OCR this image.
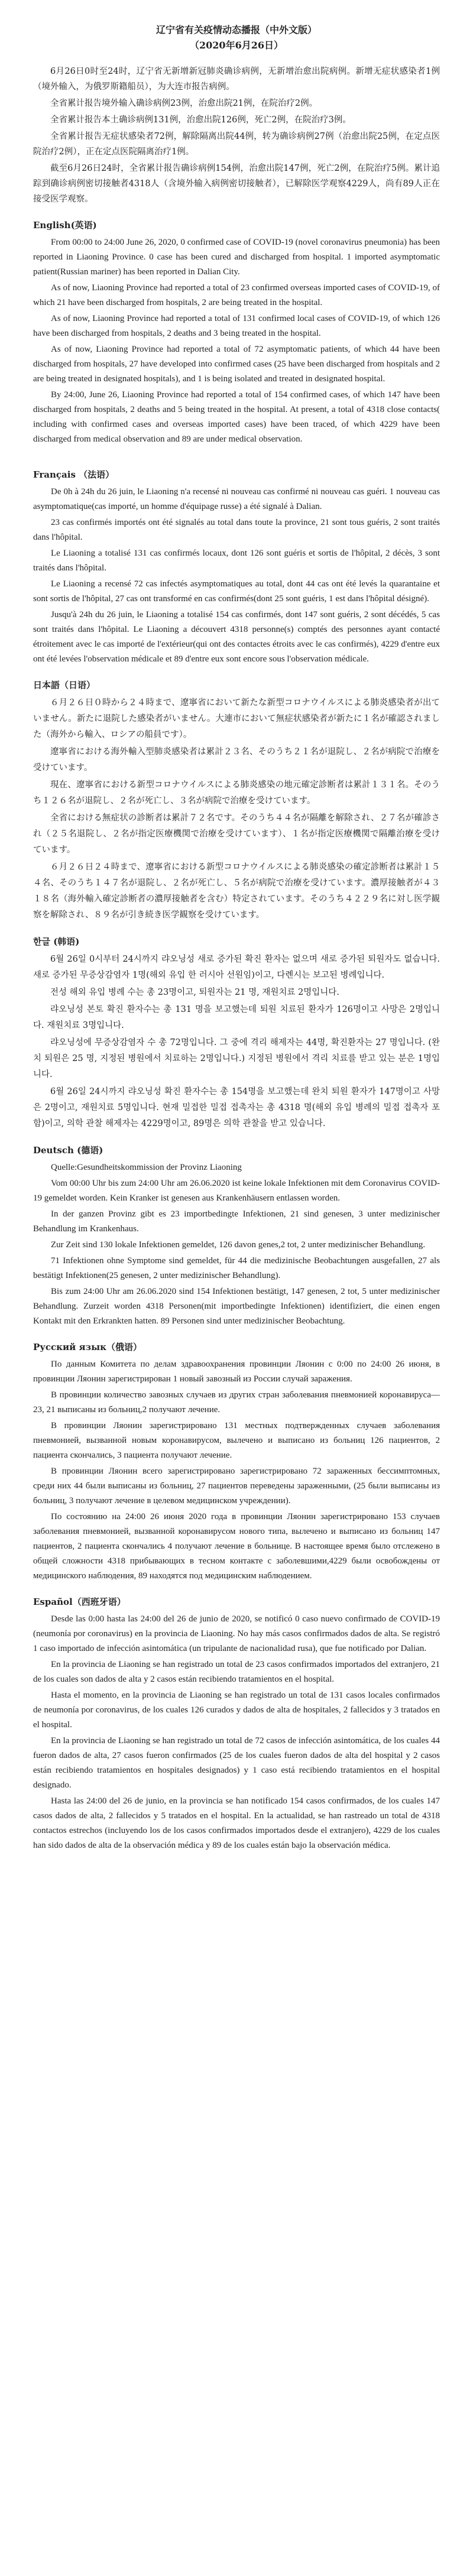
辽宁省有关疫情动态播报（中外文版）

（2020年6月26日）

6月26日0时至24时，辽宁省无新增新冠肺炎确诊病例，无新增治愈出院病例。新增无症状感染者1例（境外输入，为俄罗斯籍船员），为大连市报告病例。

全省累计报告境外输入确诊病例23例，治愈出院21例，在院治疗2例。

全省累计报告本土确诊病例131例，治愈出院126例，死亡2例，在院治疗3例。

全省累计报告无症状感染者72例，解除隔离出院44例，转为确诊病例27例（治愈出院25例，在定点医院治疗2例），正在定点医院隔离治疗1例。

截至6月26日24时，全省累计报告确诊病例154例，治愈出院147例，死亡2例，在院治疗5例。累计追踪到确诊病例密切接触者4318人（含境外输入病例密切接触者），已解除医学观察4229人，尚有89人正在接受医学观察。

English(英语)

From 00:00 to 24:00 June 26, 2020, 0 confirmed case of COVID-19 (novel coronavirus pneumonia) has been reported in Liaoning Province. 0 case has been cured and discharged from hospital. 1 imported asymptomatic patient(Russian mariner) has been reported in Dalian City.

As of now, Liaoning Province had reported a total of 23 confirmed overseas imported cases of COVID-19, of which 21 have been discharged from hospitals, 2 are being treated in the hospital.

As of now, Liaoning Province had reported a total of 131 confirmed local cases of COVID-19, of which 126 have been discharged from hospitals, 2 deaths and 3 being treated in the hospital.

As of now, Liaoning Province had reported a total of 72 asymptomatic patients, of which 44 have been discharged from hospitals, 27 have developed into confirmed cases (25 have been discharged from hospitals and 2 are being treated in designated hospitals), and 1 is being isolated and treated in designated hospital.

By 24:00, June 26, Liaoning Province had reported a total of 154 confirmed cases, of which 147 have been discharged from hospitals, 2 deaths and 5 being treated in the hospital. At present, a total of 4318 close contacts( including with confirmed cases and overseas imported cases) have been traced, of which 4229 have been discharged from medical observation and 89 are under medical observation.

Français （法语）

De 0h à 24h du 26 juin, le Liaoning n'a recensé ni nouveau cas confirmé ni nouveau cas guéri. 1 nouveau cas asymptomatique(cas importé, un homme d'équipage russe) a été signalé à Dalian.

23 cas confirmés importés ont été signalés au total dans toute la province, 21 sont tous guéris, 2 sont traités dans l'hôpital.

Le Liaoning a totalisé 131 cas confirmés locaux, dont 126 sont guéris et sortis de l'hôpital, 2 décès, 3 sont traités dans l'hôpital.

Le Liaoning a recensé 72 cas infectés asymptomatiques au total, dont 44 cas ont été levés la quarantaine et sont sortis de l'hôpital, 27 cas ont transformé en cas confirmés(dont 25 sont guéris, 1 est dans l'hôpital désigné).

Jusqu'à 24h du 26 juin, le Liaoning a totalisé 154 cas confirmés, dont 147 sont guéris, 2 sont décédés, 5 cas sont traités dans l'hôpital. Le Liaoning a découvert 4318 personne(s) comptés des personnes ayant contacté étroitement avec le cas importé de l'extérieur(qui ont des contactes étroits avec le cas confirmés), 4229 d'entre eux ont été levées l'observation médicale et 89 d'entre eux sont encore sous l'observation médicale.

日本語（日语）

６月２６日０時から２４時まで、遼寧省において新たな新型コロナウイルスによる肺炎感染者が出ていません。新たに退院した感染者がいません。大連市において無症状感染者が新たに１名が確認されました（海外から輸入、ロシアの船員です）。

遼寧省における海外輸入型肺炎感染者は累計２３名、そのうち２１名が退院し、２名が病院で治療を受けています。

現在、遼寧省における新型コロナウイルスによる肺炎感染の地元確定診断者は累計１３１名。そのうち１２６名が退院し、２名が死亡し、３名が病院で治療を受けています。

全省における無症状の診断者は累計７２名です。そのうち４４名が隔離を解除され、２７名が確診され（２５名退院し、２名が指定医療機関で治療を受けています）、１名が指定医療機関で隔離治療を受けています。

６月２６日２４時まで、遼寧省における新型コロナウイルスによる肺炎感染の確定診断者は累計１５４名、そのうち１４７名が退院し、２名が死亡し、５名が病院で治療を受けています。濃厚接触者が４３１８名（海外輸入確定診断者の濃厚接触者を含む）特定されています。そのうち４２２９名に対し医学観察を解除され、８９名が引き続き医学観察を受けています。

한글 (韩语)

6월 26일 0시부터 24시까지 랴오닝성 새로 증가된 확진 환자는 없으며 새로 증가된 퇴원자도 없습니다. 새로 증가된 무증상감염자 1명(해외 유입 한 러시아 선원임)이고, 다롄시는 보고된 병례입니다.

전성 해외 유입 병례 수는 총 23명이고, 퇴원자는 21 명, 재원치료 2명입니다.

랴오닝성 본토 확진 환자수는 총 131 명을 보고했는데 퇴원 치료된 환자가 126명이고 사망은 2명입니다. 재원치료 3명입니다.

랴오닝성에 무증상감염자 수 총 72명입니다. 그 중에 격리 해제자는 44명, 확진환자는 27 명입니다. (완치 퇴원은 25 명, 지정된 병원에서 치료하는 2명입니다.) 지정된 병원에서 격리 치료를 받고 있는 분은 1명입니다.

6월 26일 24시까지 랴오닝성 확진 환자수는 총 154명을 보고했는데 완치 퇴원 환자가 147명이고 사망은 2명이고, 재원치료 5명입니다. 현재 밀접한 밀접 접촉자는 총 4318 명(해외 유입 병례의 밀접 접촉자 포함)이고, 의학 관찰 해제자는 4229명이고, 89명은 의학 관찰을 받고 있습니다.

Deutsch (德语)

Quelle:Gesundheitskommission der Provinz Liaoning

Vom 00:00 Uhr bis zum 24:00 Uhr am 26.06.2020 ist keine lokale Infektionen mit dem Coronavirus COVID-19 gemeldet worden. Kein Kranker ist genesen aus Krankenhäusern entlassen worden.

In der ganzen Provinz gibt es 23 importbedingte Infektionen, 21 sind genesen, 3 unter medizinischer Behandlung im Krankenhaus.

Zur Zeit sind 130 lokale Infektionen gemeldet, 126 davon genes,2 tot, 2 unter medizinischer Behandlung.

71 Infektionen ohne Symptome sind gemeldet, für 44 die medizinische Beobachtungen ausgefallen, 27 als bestätigt Infektionen(25 genesen, 2 unter medizinischer Behandlung).

Bis zum 24:00 Uhr am 26.06.2020 sind 154 Infektionen bestätigt, 147 genesen, 2 tot, 5 unter medizinischer Behandlung. Zurzeit worden 4318 Personen(mit importbedingte Infektionen) identifiziert, die einen engen Kontakt mit den Erkrankten hatten. 89 Personen sind unter medizinischer Beobachtung.

Русский язык（俄语）

По данным Комитета по делам здравоохранения провинции Ляонин с 0:00 по 24:00 26 июня, в провинции Ляонин зарегистрирован 1 новый завозный из России случай заражения.

В провинции количество завозных случаев из других стран заболевания пневмонией коронавируса—23, 21 выписаны из больниц,2 получают лечение.

В провинции Ляонин зарегистрировано 131 местных подтвержденных случаев заболевания пневмонией, вызванной новым коронавирусом, вылечено и выписано из больниц 126 пациентов, 2 пациента скончались, 3 пациента получают лечение.

В провинции Ляонин всего зарегистрировано зарегистрировано 72 зараженных бессимптомных, среди них 44 были выписаны из больниц, 27 пациентов переведены зараженными, (25 были выписаны из больниц, 3 получают лечение в целевом медицинском учреждении).

По состоянию на 24:00 26 июня 2020 года в провинции Ляонин зарегистрировано 153 случаев заболевания пневмонией, вызванной коронавирусом нового типа, вылечено и выписано из больниц 147 пациентов, 2 пациента скончались 4 получают лечение в больнице. В настоящее время было отслежено в общей сложности 4318 прибывающих в тесном контакте с заболевшими,4229 были освобождены от медицинского наблюдения, 89 находятся под медицинским наблюдением.

Español（西班牙语）

Desde las 0:00 hasta las 24:00 del 26 de junio de 2020, se notificó 0 caso nuevo confirmado de COVID-19 (neumonía por coronavirus) en la provincia de Liaoning. No hay más casos confirmados dados de alta. Se registró 1 caso importado de infección asintomática (un tripulante de nacionalidad rusa), que fue notificado por Dalian.

En la provincia de Liaoning se han registrado un total de 23 casos confirmados importados del extranjero, 21 de los cuales son dados de alta y 2 casos están recibiendo tratamientos en el hospital.

Hasta el momento, en la provincia de Liaoning se han registrado un total de 131 casos locales confirmados de neumonía por coronavirus, de los cuales 126 curados y dados de alta de hospitales, 2 fallecidos y 3 tratados en el hospital.

En la provincia de Liaoning se han registrado un total de 72 casos de infección asintomática, de los cuales 44 fueron dados de alta, 27 casos fueron confirmados (25 de los cuales fueron dados de alta del hospital y 2 casos están recibiendo tratamientos en hospitales designados) y 1 caso está recibiendo tratamientos en el hospital designado.

Hasta las 24:00 del 26 de junio, en la provincia se han notificado 154 casos confirmados, de los cuales 147 casos dados de alta, 2 fallecidos y 5 tratados en el hospital. En la actualidad, se han rastreado un total de 4318 contactos estrechos (incluyendo los de los casos confirmados importados desde el extranjero), 4229 de los cuales han sido dados de alta de la observación médica y 89 de los cuales están bajo la observación médica.
